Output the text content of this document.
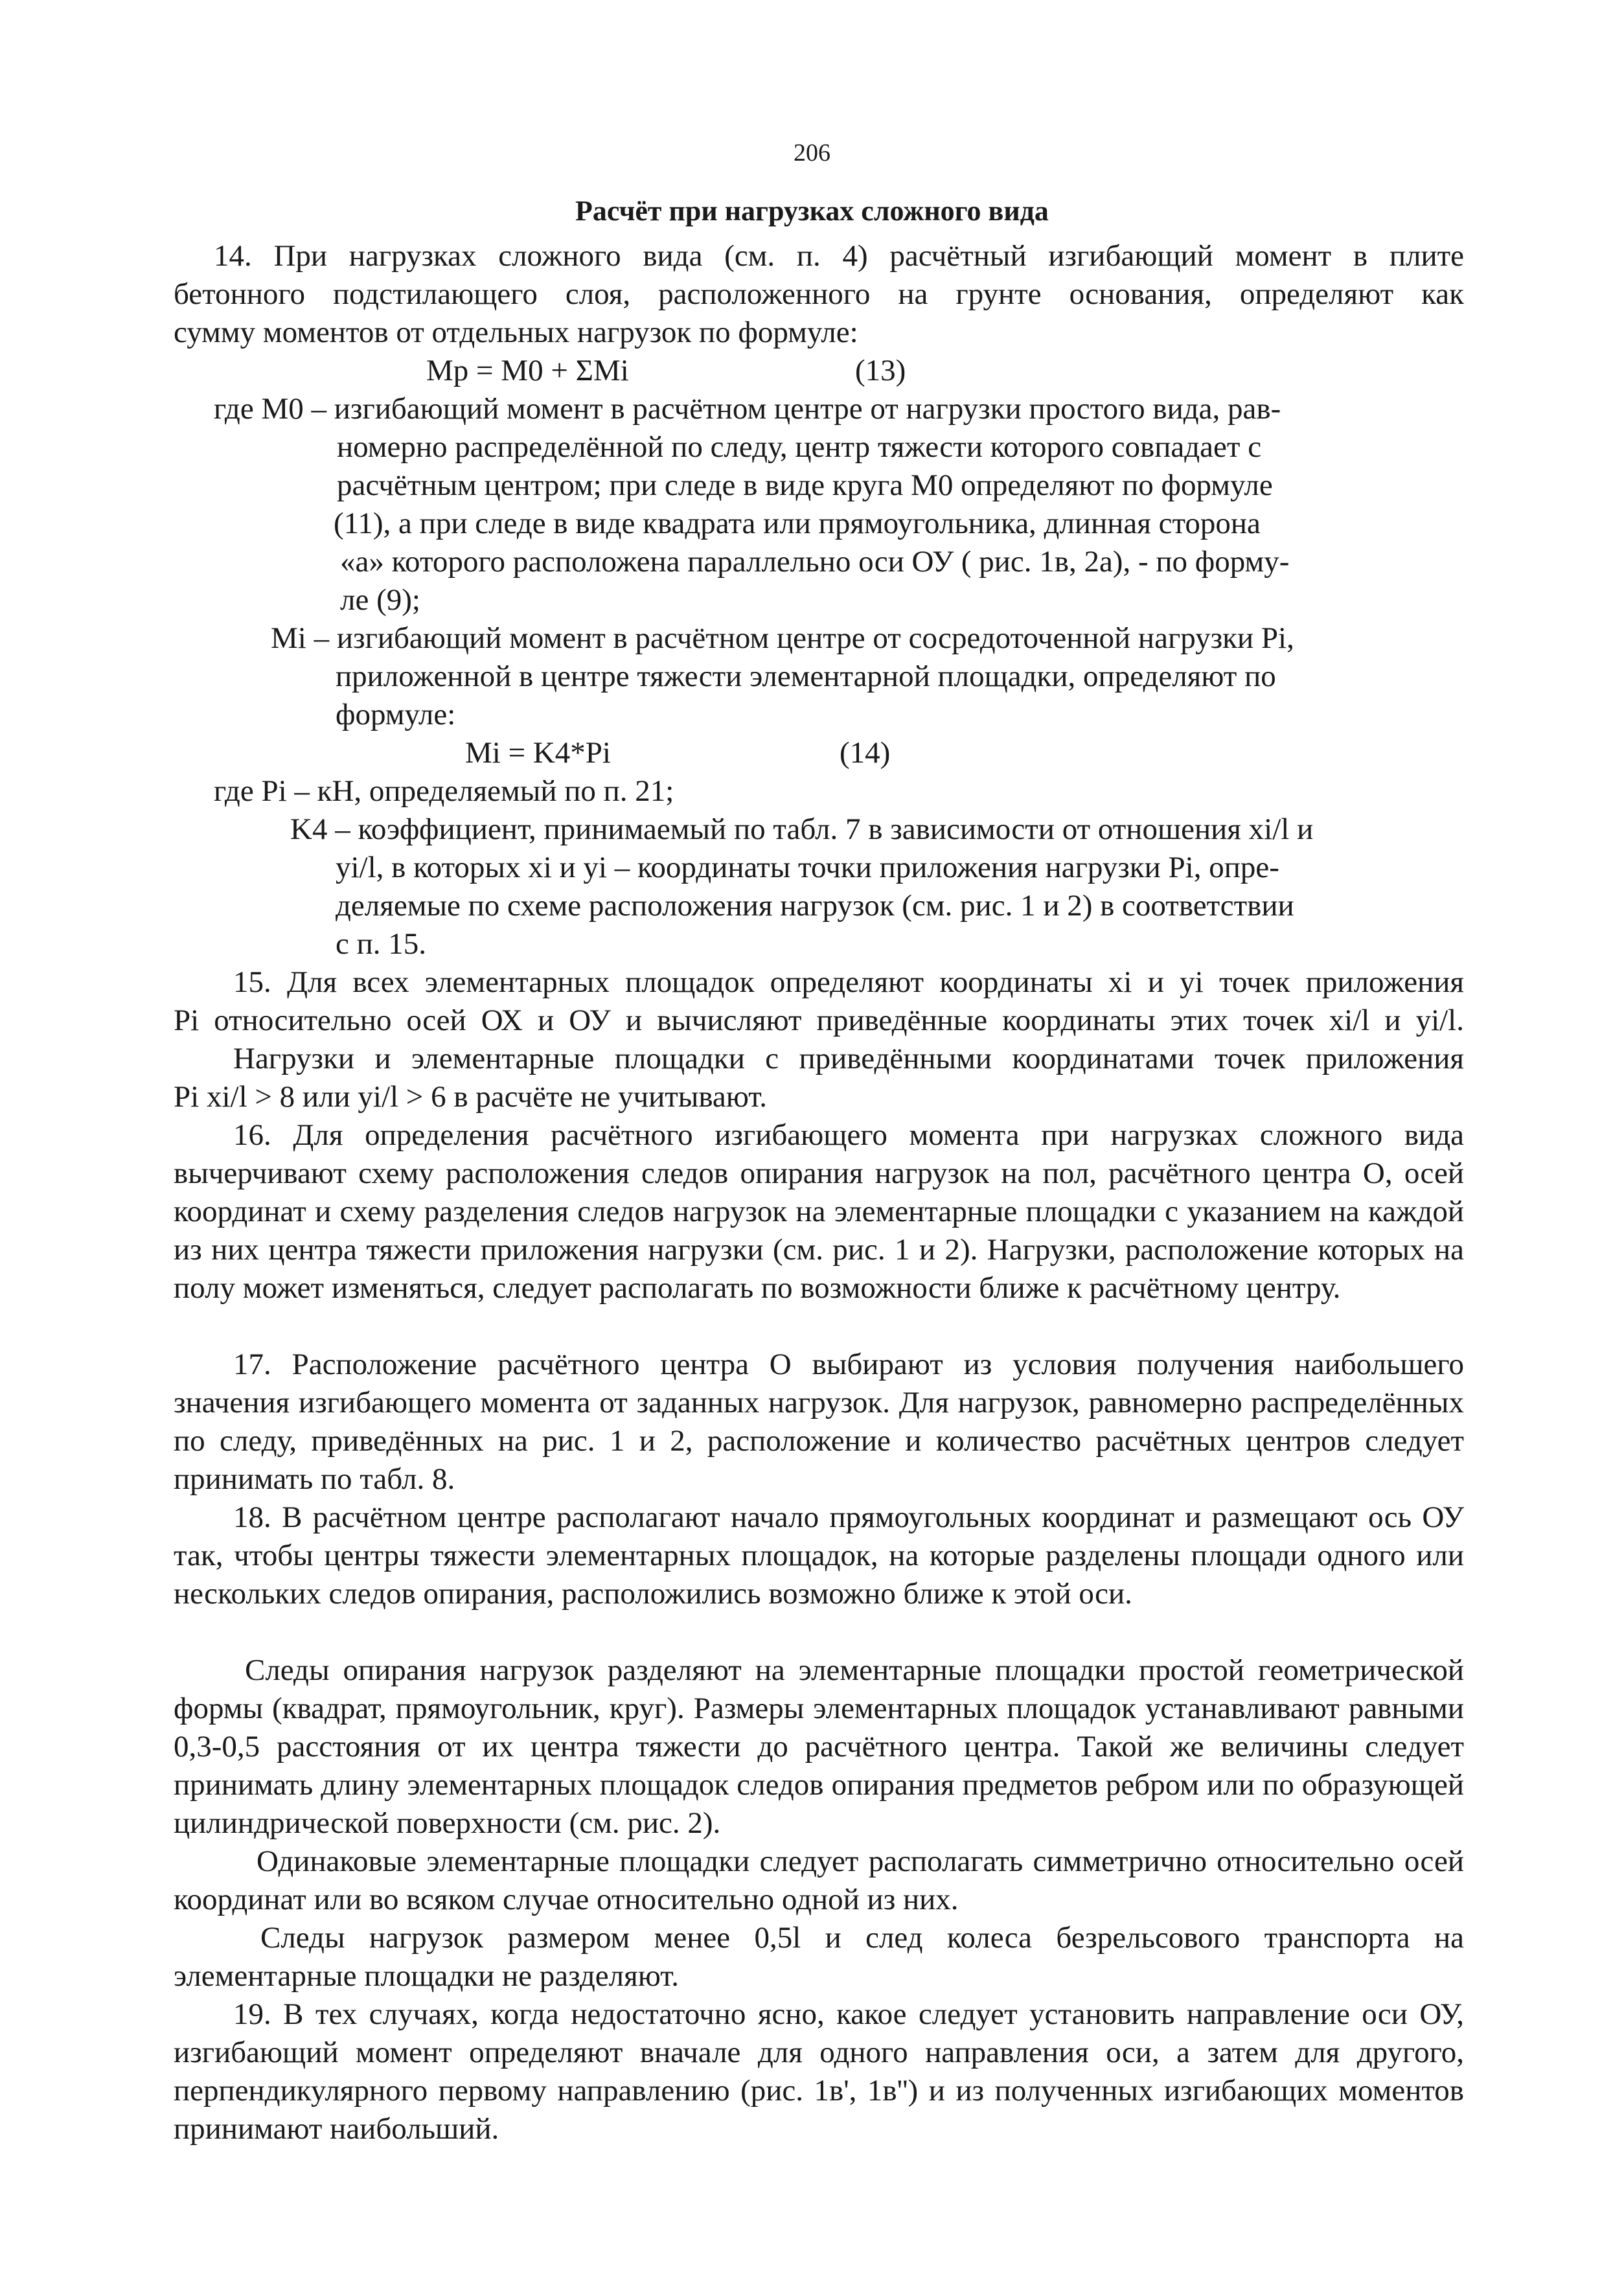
206
Расчёт при нагрузках сложного вида
14. При нагрузках сложного вида (см. п. 4) расчётный изгибающий момент в плите
бетонного подстилающего слоя, расположенного на грунте основания, определяют как
сумму моментов от отдельных нагрузок по формуле:
Mр = M0 + ΣMi	(13)
где M0 – изгибающий момент в расчётном центре от нагрузки простого вида, рав-
номерно распределённой по следу, центр тяжести которого совпадает с
расчётным центром; при следе в виде круга M0 определяют по формуле
(11), а при следе в виде квадрата или прямоугольника, длинная сторона
«а» которого расположена параллельно оси ОУ ( рис. 1в, 2а), - по форму-
ле (9);
Mi – изгибающий момент в расчётном центре от сосредоточенной нагрузки Pi,
приложенной в центре тяжести элементарной площадки, определяют по
формуле:
Mi = K4*Pi	(14)
где Pi – кН, определяемый по п. 21;
K4 – коэффициент, принимаемый по табл. 7 в зависимости от отношения xi/l и
yi/l, в которых xi и yi – координаты точки приложения нагрузки Pi, опре-
деляемые по схеме расположения нагрузок (см. рис. 1 и 2) в соответствии
с п. 15.
15. Для всех элементарных площадок определяют координаты xi и yi точек приложения
Pi относительно осей ОХ и ОУ и вычисляют приведённые координаты этих точек xi/l и yi/l.
Нагрузки и элементарные площадки с приведёнными координатами точек приложения
Pi xi/l > 8 или yi/l > 6 в расчёте не учитывают.

16. Для определения расчётного изгибающего момента при нагрузках сложного вида вычерчивают схему расположения следов опирания нагрузок на пол, расчётного центра О, осей координат и схему разделения следов нагрузок на элементарные площадки с указанием на каждой из них центра тяжести приложения нагрузки (см. рис. 1 и 2). Нагрузки, расположение которых на полу может изменяться, следует располагать по возможности ближе к расчётному центру.

17. Расположение расчётного центра О выбирают из условия получения наибольшего значения изгибающего момента от заданных нагрузок. Для нагрузок, равномерно распределённых по следу, приведённых на рис. 1 и 2, расположение и количество расчётных центров следует принимать по табл. 8.

18. В расчётном центре располагают начало прямоугольных координат и размещают ось ОУ так, чтобы центры тяжести элементарных площадок, на которые разделены площади одного или нескольких следов опирания, расположились возможно ближе к этой оси.

Следы опирания нагрузок разделяют на элементарные площадки простой геометрической формы (квадрат, прямоугольник, круг). Размеры элементарных площадок устанавливают равными 0,3-0,5 расстояния от их центра тяжести до расчётного центра. Такой же величины следует принимать длину элементарных площадок следов опирания предметов ребром или по образующей цилиндрической поверхности (см. рис. 2).

Одинаковые элементарные площадки следует располагать симметрично относительно осей координат или во всяком случае относительно одной из них.

Следы нагрузок размером менее 0,5l и след колеса безрельсового транспорта на элементарные площадки не разделяют.

19. В тех случаях, когда недостаточно ясно, какое следует установить направление оси ОУ, изгибающий момент определяют вначале для одного направления оси, а затем для другого, перпендикулярного первому направлению (рис. 1в', 1в'') и из полученных изгибающих моментов принимают наибольший.
